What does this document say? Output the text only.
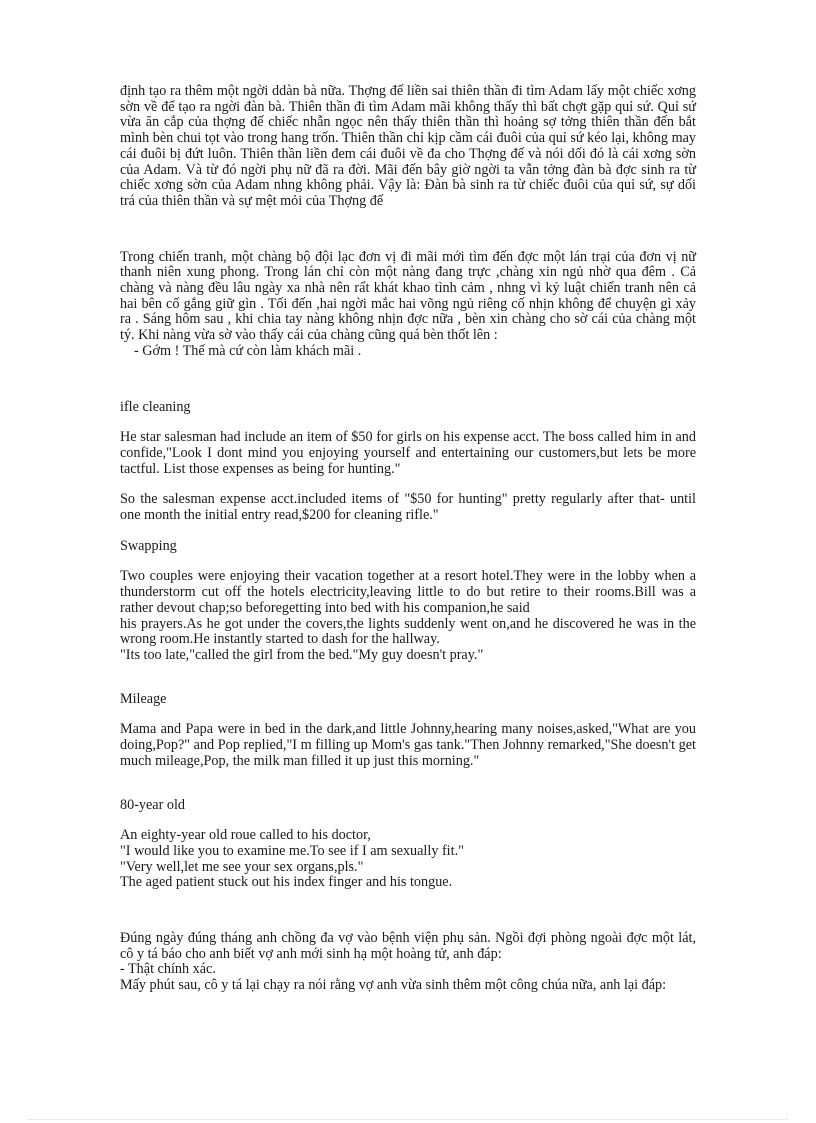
định tạo ra thêm một ngời ddàn bà nữa. Thợng đế liền sai thiên thần đi tìm Adam lấy một chiếc xơng sờn về để tạo ra ngời đàn bà. Thiên thần đi tìm Adam mãi không thấy thì bất chợt gặp quỉ sứ. Quỉ sứ vừa ăn cắp của thợng đế chiếc nhẫn ngọc nên thấy thiên thần thì hoảng sợ tởng thiên thần đến bắt mình bèn chui tọt vào trong hang trốn. Thiên thần chỉ kịp cầm cái đuôi của quỉ sứ kéo lại, không may cái đuôi bị đứt luôn. Thiên thần liền đem cái đuôi về đa cho Thợng đế và nói dối đó là cái xơng sờn của Adam. Và từ đó ngời phụ nữ đã ra đời. Mãi đến bây giờ ngời ta vẫn tởng đàn bà đợc sinh ra từ chiếc xơng sờn của Adam nhng không phải. Vậy là: Đàn bà sinh ra từ chiếc đuôi của quỉ sứ, sự dối trá của thiên thần và sự mệt mỏi của Thợng đế

Trong chiến tranh, một chàng bộ đội lạc đơn vị đi mãi mới tìm đến đợc một lán trại của đơn vị nữ thanh niên xung phong. Trong lán chỉ còn một nàng đang trực ,chàng xin ngủ nhờ qua đêm . Cả chàng và nàng đều lâu ngày xa nhà nên rất khát khao tình cảm , nhng vì kỷ luật chiến tranh nên cả hai bên cố gắng giữ gìn . Tối đến ,hai ngời mắc hai võng ngủ riêng cố nhịn không để chuyện gì xảy ra . Sáng hôm sau , khi chia tay nàng không nhịn đợc nữa , bèn xin chàng cho sờ cái của chàng một tý. Khi nàng vừa sờ vào thấy cái của chàng cũng quá bèn thốt lên :

- Gớm ! Thế mà cứ còn làm khách mãi .

ifle cleaning

He star salesman had include an item of $50 for girls on his expense acct. The boss called him in and confide,"Look I dont mind you enjoying yourself and entertaining our customers,but lets be more tactful. List those expenses as being for hunting."

So the salesman expense acct.included items of "$50 for hunting" pretty regularly after that- until one month the initial entry read,$200 for cleaning rifle."

Swapping

Two couples were enjoying their vacation together at a resort hotel.They were in the lobby when a thunderstorm cut off the hotels electricity,leaving little to do but retire to their rooms.Bill was a rather devout chap;so beforegetting into bed with his companion,he said

his prayers.As he got under the covers,the lights suddenly went on,and he discovered he was in the wrong room.He instantly started to dash for the hallway.

"Its too late,"called the girl from the bed."My guy doesn't pray."

Mileage

Mama and Papa were in bed in the dark,and little Johnny,hearing many noises,asked,"What are you doing,Pop?" and Pop replied,"I m filling up Mom's gas tank."Then Johnny remarked,"She doesn't get much mileage,Pop, the milk man filled it up just this morning."

80-year old

An eighty-year old roue called to his doctor,

"I would like you to examine me.To see if I am sexually fit."

"Very well,let me see your sex organs,pls."

The aged patient stuck out his index finger and his tongue.

Đúng ngày đúng tháng anh chồng đa vợ vào bệnh viện phụ sản. Ngồi đợi phòng ngoài đợc một lát, cô y tá báo cho anh biết vợ anh mới sinh hạ một hoàng tử, anh đáp:

- Thật chính xác.

Mấy phút sau, cô y tá lại chạy ra nói rằng vợ anh vừa sinh thêm một công chúa nữa, anh lại đáp:
